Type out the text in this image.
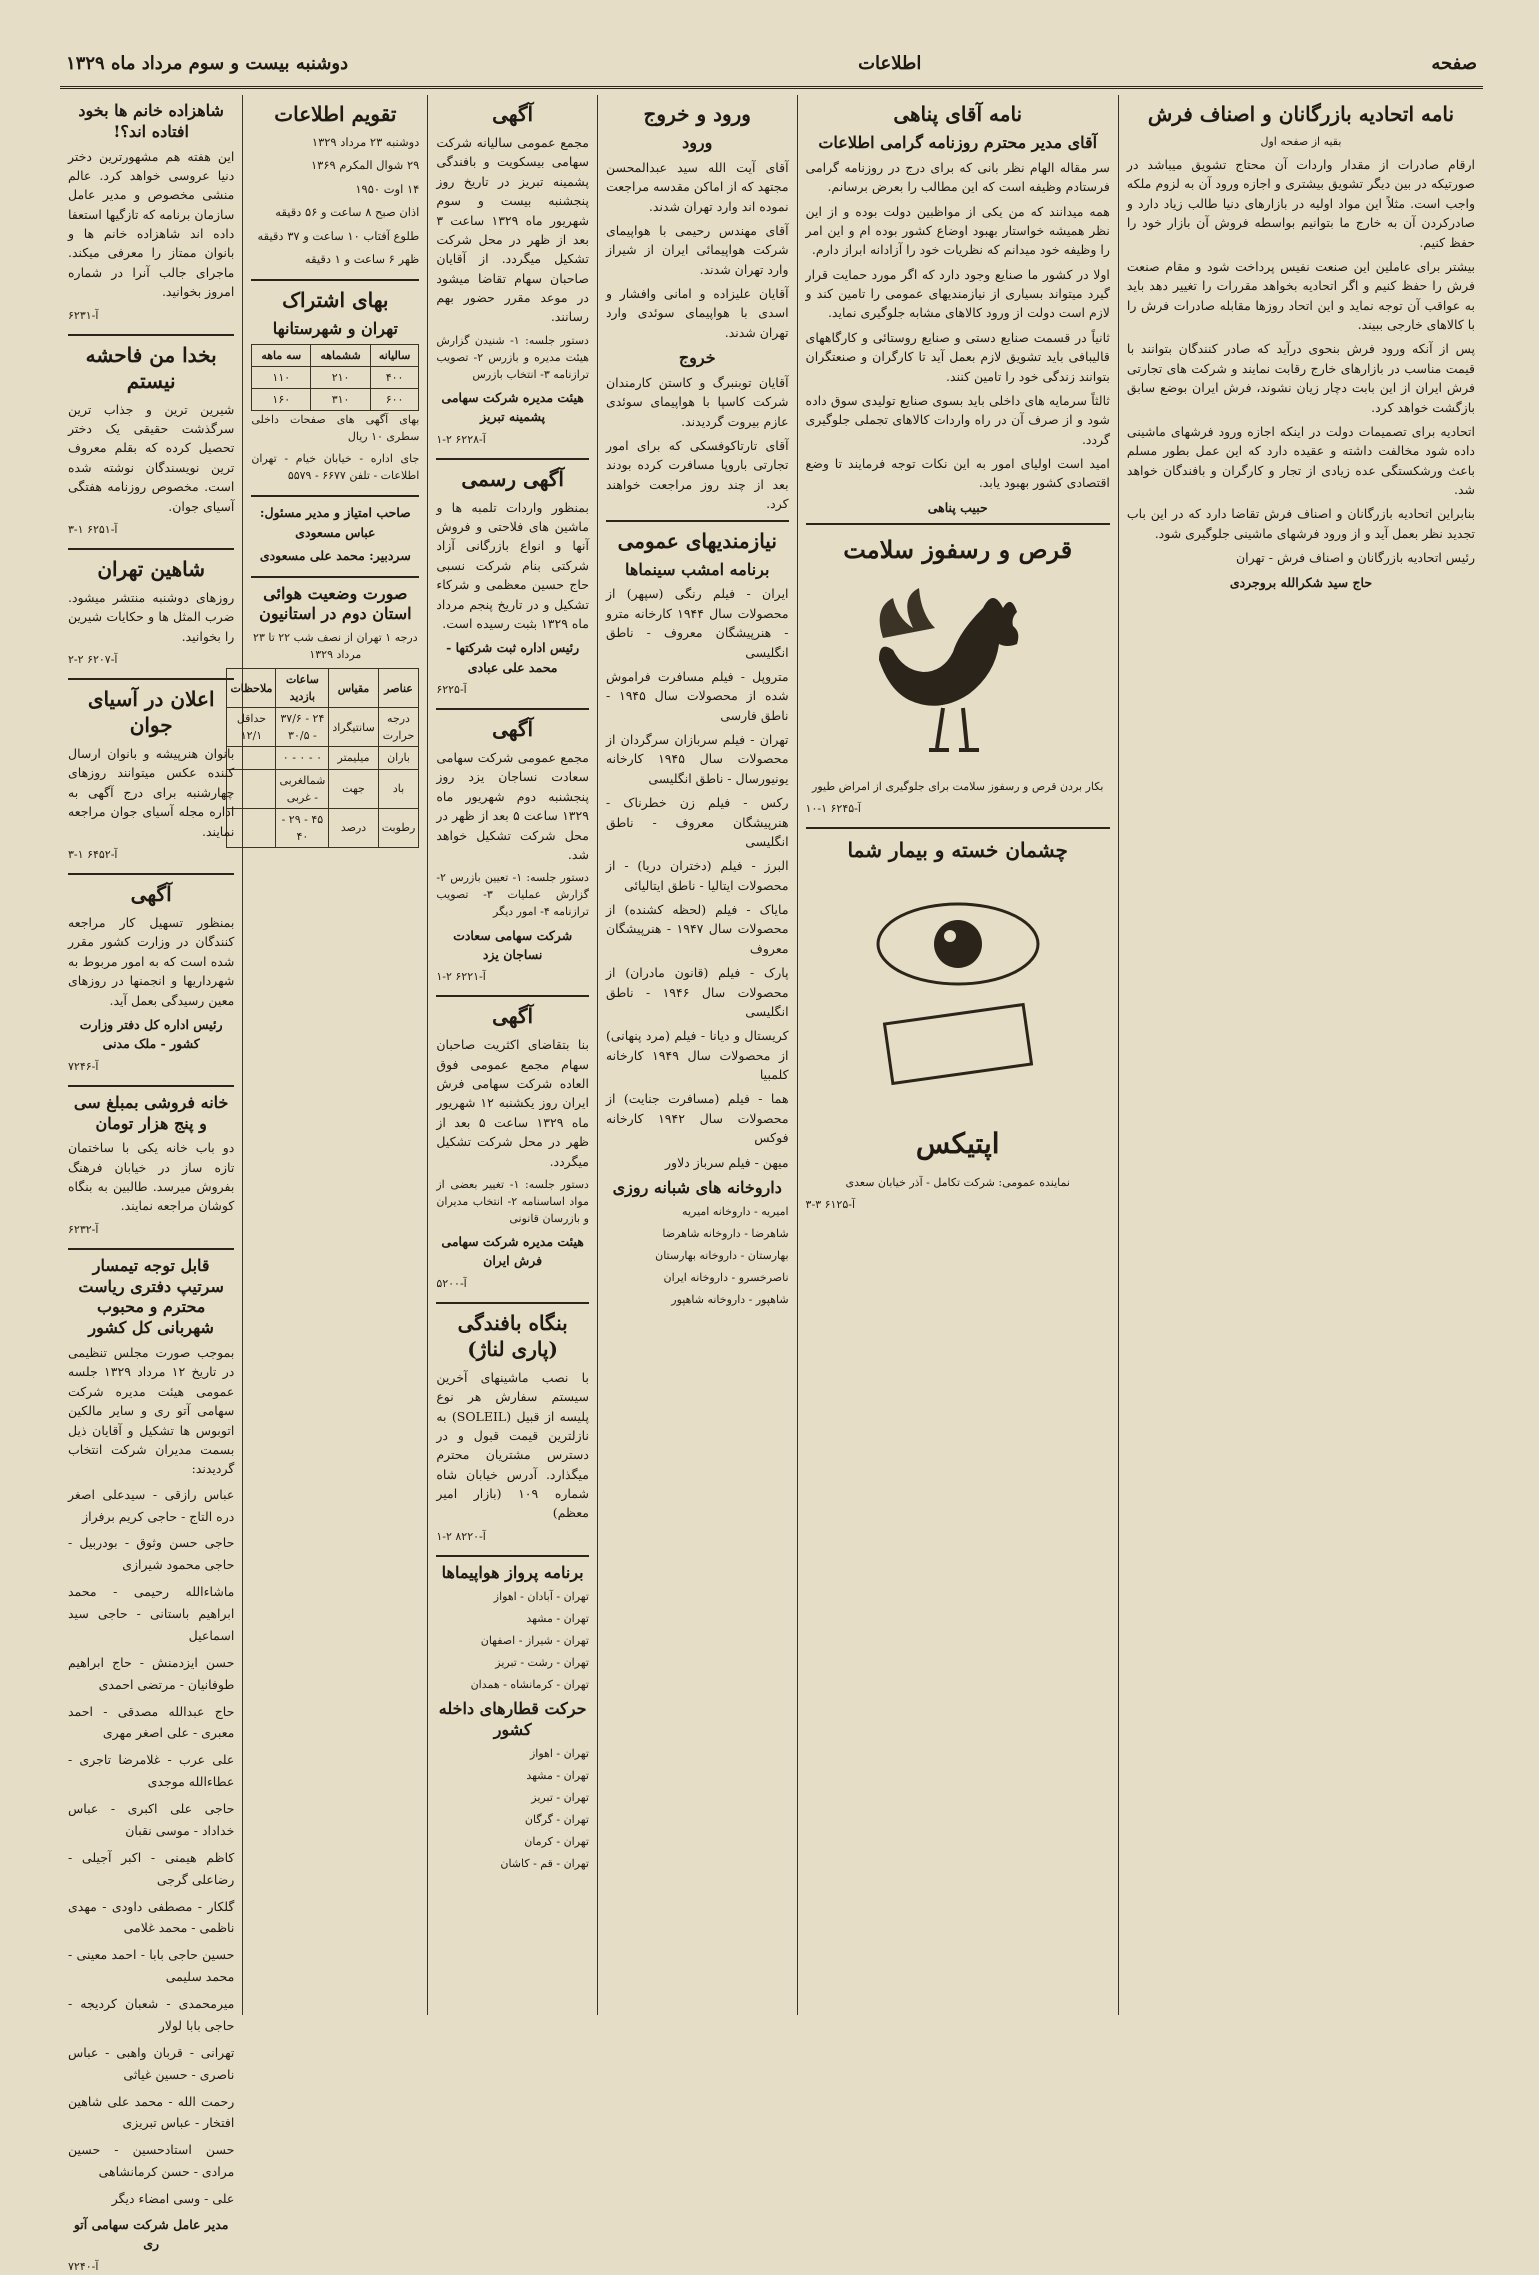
صفحه
اطلاعات
دوشنبه بیست و سوم مرداد ماه ۱۳۲۹
نامه اتحادیه بازرگانان و اصناف فرش

بقیه از صفحه اول

ارقام صادرات از مقدار واردات آن محتاج تشویق میباشد در صورتیکه در بین دیگر تشویق بیشتری و اجازه ورود آن به لزوم ملکه واجب است. مثلاً این مواد اولیه در بازارهای دنیا طالب زیاد دارد و صادرکردن آن به خارج ما بتوانیم بواسطه فروش آن بازار خود را حفظ کنیم.

بیشتر برای عاملین این صنعت نفیس پرداخت شود و مقام صنعت فرش را حفظ کنیم و اگر اتحادیه بخواهد مقررات را تغییر دهد باید به عواقب آن توجه نماید و این اتحاد روزها مقابله صادرات فرش را با کالاهای خارجی ببیند.

پس از آنکه ورود فرش بنحوی درآید که صادر کنندگان بتوانند با قیمت مناسب در بازارهای خارج رقابت نمایند و شرکت های تجارتی فرش ایران از این بابت دچار زیان نشوند، فرش ایران بوضع سابق بازگشت خواهد کرد.

اتحادیه برای تصمیمات دولت در اینکه اجازه ورود فرشهای ماشینی داده شود مخالفت داشته و عقیده دارد که این عمل بطور مسلم باعث ورشکستگی عده زیادی از تجار و کارگران و بافندگان خواهد شد.

بنابراین اتحادیه بازرگانان و اصناف فرش تقاضا دارد که در این باب تجدید نظر بعمل آید و از ورود فرشهای ماشینی جلوگیری شود.

رئیس اتحادیه بازرگانان و اصناف فرش - تهران

حاج سید شکرالله بروجردی

نامه آقای پناهی
آقای مدیر محترم روزنامه گرامی اطلاعات

سر مقاله الهام نظر بانی که برای درج در روزنامه گرامی فرستادم وظیفه است که این مطالب را بعرض برسانم.

همه میدانند که من یکی از مواظبین دولت بوده و از این نظر همیشه خواستار بهبود اوضاع کشور بوده ام و این امر را وظیفه خود میدانم که نظریات خود را آزادانه ابراز دارم.

اولا در کشور ما صنایع وجود دارد که اگر مورد حمایت قرار گیرد میتواند بسیاری از نیازمندیهای عمومی را تامین کند و لازم است دولت از ورود کالاهای مشابه جلوگیری نماید.

ثانیاً در قسمت صنایع دستی و صنایع روستائی و کارگاههای قالیبافی باید تشویق لازم بعمل آید تا کارگران و صنعتگران بتوانند زندگی خود را تامین کنند.

ثالثاً سرمایه های داخلی باید بسوی صنایع تولیدی سوق داده شود و از صرف آن در راه واردات کالاهای تجملی جلوگیری گردد.

امید است اولیای امور به این نکات توجه فرمایند تا وضع اقتصادی کشور بهبود یابد.

حبیب پناهی

قرص و رسفوز سلامت

بکار بردن قرص و رسفوز سلامت برای جلوگیری از امراض طیور

آ-۶۲۴۵ ۱-۱۰

چشمان خسته و بیمار شما
اپتیکس

نماینده عمومی: شرکت تکامل - آذر خیابان سعدی

آ-۶۱۲۵ ۳-۳

ورود و خروج
ورود

آقای آیت الله سید عبدالمحسن مجتهد که از اماکن مقدسه مراجعت نموده اند وارد تهران شدند.

آقای مهندس رحیمی با هواپیمای شرکت هواپیمائی ایران از شیراز وارد تهران شدند.

آقایان علیزاده و امانی وافشار و اسدی با هواپیمای سوئدی وارد تهران شدند.

خروج

آقایان توبنبرگ و کاستن کارمندان شرکت کاسپا با هواپیمای سوئدی عازم بیروت گردیدند.

آقای تارتاکوفسکی که برای امور تجارتی باروپا مسافرت کرده بودند بعد از چند روز مراجعت خواهند کرد.

نیازمندیهای عمومی
برنامه امشب سینماها

ایران - فیلم رنگی (سپهر) از محصولات سال ۱۹۴۴ کارخانه مترو - هنرپیشگان معروف - ناطق انگلیسی

متروپل - فیلم مسافرت فراموش شده از محصولات سال ۱۹۴۵ - ناطق فارسی

تهران - فیلم سربازان سرگردان از محصولات سال ۱۹۴۵ کارخانه یونیورسال - ناطق انگلیسی

رکس - فیلم زن خطرناک - هنرپیشگان معروف - ناطق انگلیسی

البرز - فیلم (دختران دریا) - از محصولات ایتالیا - ناطق ایتالیائی

مایاک - فیلم (لحظه کشنده) از محصولات سال ۱۹۴۷ - هنرپیشگان معروف

پارک - فیلم (قانون مادران) از محصولات سال ۱۹۴۶ - ناطق انگلیسی

کریستال و دیانا - فیلم (مرد پنهانی) از محصولات سال ۱۹۴۹ کارخانه کلمبیا

هما - فیلم (مسافرت جنایت) از محصولات سال ۱۹۴۲ کارخانه فوکس

میهن - فیلم سرباز دلاور

داروخانه های شبانه روزی

امیریه - داروخانه امیریه

شاهرضا - داروخانه شاهرضا

بهارستان - داروخانه بهارستان

ناصرخسرو - داروخانه ایران

شاهپور - داروخانه شاهپور

آگهی

مجمع عمومی سالیانه شرکت سهامی بیسکویت و بافندگی پشمینه تبریز در تاریخ روز پنجشنبه بیست و سوم شهریور ماه ۱۳۲۹ ساعت ۳ بعد از ظهر در محل شرکت تشکیل میگردد. از آقایان صاحبان سهام تقاضا میشود در موعد مقرر حضور بهم رسانند.

دستور جلسه: ۱- شنیدن گزارش هیئت مدیره و بازرس ۲- تصویب ترازنامه ۳- انتخاب بازرس

هیئت مدیره شرکت سهامی پشمینه تبریز

آ-۶۲۲۸ ۲-۱

آگهی رسمی

بمنظور واردات تلمبه ها و ماشین های فلاحتی و فروش آنها و انواع بازرگانی آزاد شرکتی بنام شرکت نسبی حاج حسین معظمی و شرکاء تشکیل و در تاریخ پنجم مرداد ماه ۱۳۲۹ بثبت رسیده است.

رئیس اداره ثبت شرکتها - محمد علی عبادی

آ-۶۲۲۵

آگهی

مجمع عمومی شرکت سهامی سعادت نساجان یزد روز پنجشنبه دوم شهریور ماه ۱۳۲۹ ساعت ۵ بعد از ظهر در محل شرکت تشکیل خواهد شد.

دستور جلسه: ۱- تعیین بازرس ۲- گزارش عملیات ۳- تصویب ترازنامه ۴- امور دیگر

شرکت سهامی سعادت نساجان یزد

آ-۶۲۲۱ ۲-۱

آگهی

بنا بتقاضای اکثریت صاحبان سهام مجمع عمومی فوق العاده شرکت سهامی فرش ایران روز یکشنبه ۱۲ شهریور ماه ۱۳۲۹ ساعت ۵ بعد از ظهر در محل شرکت تشکیل میگردد.

دستور جلسه: ۱- تغییر بعضی از مواد اساسنامه ۲- انتخاب مدیران و بازرسان قانونی

هیئت مدیره شرکت سهامی فرش ایران

آ-۵۲۰۰

بنگاه بافندگی (پاری لناژ)

با نصب ماشینهای آخرین سیستم سفارش هر نوع پلیسه از قبیل (SOLEIL) به نازلترین قیمت قبول و در دسترس مشتریان محترم میگذارد. آدرس خیابان شاه شماره ۱۰۹ (بازار امیر معظم)

آ-۸۲۲۰ ۲-۱

برنامه پرواز هواپیماها

تهران - آبادان - اهواز

تهران - مشهد

تهران - شیراز - اصفهان

تهران - رشت - تبریز

تهران - کرمانشاه - همدان

حرکت قطارهای داخله کشور

تهران - اهواز

تهران - مشهد

تهران - تبریز

تهران - گرگان

تهران - کرمان

تهران - قم - کاشان

تقویم اطلاعات

دوشنبه ۲۳ مرداد ۱۳۲۹

۲۹ شوال المکرم ۱۳۶۹

۱۴ اوت ۱۹۵۰

اذان صبح ۸ ساعت و ۵۶ دقیقه

طلوع آفتاب ۱۰ ساعت و ۳۷ دقیقه

ظهر ۶ ساعت و ۱ دقیقه

بهای اشتراک
تهران و شهرستانها
سالیانه	ششماهه	سه ماهه
۴۰۰	۲۱۰	۱۱۰
۶۰۰	۳۱۰	۱۶۰

بهای آگهی های صفحات داخلی سطری ۱۰ ریال

جای اداره - خیابان خیام - تهران اطلاعات - تلفن ۶۶۷۷ - ۵۵۷۹

صاحب امتیاز و مدیر مسئول: عباس مسعودی

سردبیر: محمد علی مسعودی

صورت وضعیت هوائی استان دوم در استانیون

درجه ۱ تهران از نصف شب ۲۲ تا ۲۳ مرداد ۱۳۲۹

عناصر	مقیاس	ساعات بازدید	ملاحظات
درجه حرارت	سانتیگراد	۲۴ - ۳۷/۶ - ۳۰/۵	حداقل ۱۲/۱
باران	میلیمتر	۰ - ۰ - ۰	
باد	جهت	شمالغربی - غربی	
رطوبت	درصد	۴۵ - ۲۹ - ۴۰	
شاهزاده خانم ها بخود افتاده اند؟!

این هفته هم مشهورترین دختر دنیا عروسی خواهد کرد. عالم منشی مخصوص و مدیر عامل سازمان برنامه که تازگیها استعفا داده اند شاهزاده خانم ها و بانوان ممتاز را معرفی میکند. ماجرای جالب آنرا در شماره امروز بخوانید.

آ-۶۲۳۱

بخدا من فاحشه نیستم

شیرین ترین و جذاب ترین سرگذشت حقیقی یک دختر تحصیل کرده که بقلم معروف ترین نویسندگان نوشته شده است. مخصوص روزنامه هفتگی آسیای جوان.

آ-۶۲۵۱ ۱-۳

شاهین تهران

روزهای دوشنبه منتشر میشود. ضرب المثل ها و حکایات شیرین را بخوانید.

آ-۶۲۰۷ ۲-۲

اعلان در آسیای جوان

بانوان هنرپیشه و بانوان ارسال کننده عکس میتوانند روزهای چهارشنبه برای درج آگهی به اداره مجله آسیای جوان مراجعه نمایند.

آ-۶۴۵۲ ۱-۳

آگهی

بمنظور تسهیل کار مراجعه کنندگان در وزارت کشور مقرر شده است که به امور مربوط به شهرداریها و انجمنها در روزهای معین رسیدگی بعمل آید.

رئیس اداره کل دفتر وزارت کشور - ملک مدنی

آ-۷۲۴۶

خانه فروشی بمبلغ سی و پنج هزار تومان

دو باب خانه یکی با ساختمان تازه ساز در خیابان فرهنگ بفروش میرسد. طالبین به بنگاه کوشان مراجعه نمایند.

آ-۶۲۳۲

قابل توجه تیمسار سرتیپ دفتری ریاست محترم و محبوب شهربانی کل کشور

بموجب صورت مجلس تنظیمی در تاریخ ۱۲ مرداد ۱۳۲۹ جلسه عمومی هیئت مدیره شرکت سهامی آتو ری و سایر مالکین اتوبوس ها تشکیل و آقایان ذیل بسمت مدیران شرکت انتخاب گردیدند:

عباس رازقی - سیدعلی اصغر دره التاج - حاجی کریم برفراز

حاجی حسن وثوق - بودربیل - حاجی محمود شیرازی

ماشاءالله رحیمی - محمد ابراهیم باستانی - حاجی سید اسماعیل

حسن ایزدمنش - حاج ابراهیم طوفانیان - مرتضی احمدی

حاج عبدالله مصدقی - احمد معبری - علی اصغر مهری

علی عرب - غلامرضا تاجری - عطاءالله موجدی

حاجی علی اکبری - عباس خداداد - موسی نقبان

کاظم هیمنی - اکبر آجیلی - رضاعلی گرجی

گلکار - مصطفی داودی - مهدی ناظمی - محمد غلامی

حسین حاجی بابا - احمد معینی - محمد سلیمی

میرمحمدی - شعبان کردیجه - حاجی بابا لولار

تهرانی - قربان واهبی - عباس ناصری - حسین غیاثی

رحمت الله - محمد علی شاهین افتخار - عباس تبریزی

حسن استادحسین - حسین مرادی - حسن کرمانشاهی

علی - وسی امضاء دیگر

مدیر عامل شرکت سهامی آتو ری

آ-۷۲۴۰
